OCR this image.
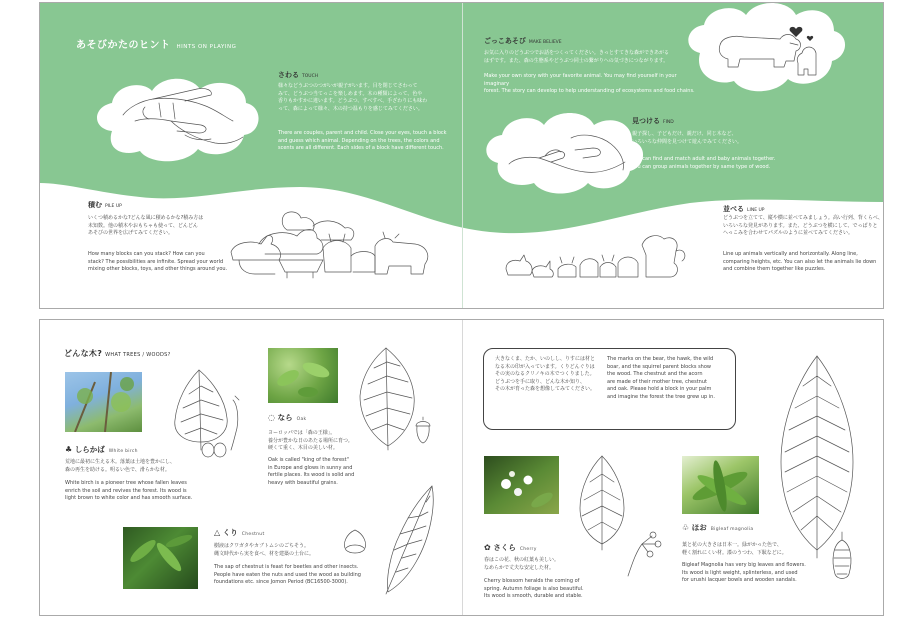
あそびかたのヒント HINTS ON PLAYING
さわる TOUCH
様々などうぶつのつがいが親子がいます。目を閉じてさわって
みて、どうぶつ当てっこを楽しめます。木の種類によって、色や
香りもかすかに違います。どうぶつ、すべすべ、手ざわりにも味わ
って、森によって様々、木の持つ温もりを感じてみてください。
There are couples, parent and child. Close your eyes, touch a block
and guess which animal. Depending on the trees, the colors and
scents are all different. Each sides of a block have different touch.
積む PILE UP
いくつ積めるかな?どんな風に積めるかな?積み方は
未知数。他の積木やおもちゃも使って、どんどん
あそびの世界を広げてみてください。
How many blocks can you stack? How can you
stack? The possibilities are infinite. Spread your world
mixing other blocks, toys, and other things around you.
ごっこあそび MAKE BELIEVE
お気に入りのどうぶつでお話をつくってください。きっとすてきな森ができあがる
はずです。また、森の生態系やどうぶつ同士の繋がりへの気づきにつながります。
Make your own story with your favorite animal. You may find yourself in your imaginary
forest. The story can develop to help understanding of ecosystems and food chains.
見つける FIND
親子探し、子どもだけ、親だけ、同じ木など、
いろいろな仲間を見つけて遊んでみてください。
You can find and match adult and baby animals together.
You can group animals together by same type of wood.
並べる LINE UP
どうぶつを立てて、縦や横に並べてみましょう。高い行列、背くらべ、
いろいろな発見があります。また、どうぶつを横にして、でっぱりと
へっこみを合わせてパズルのように並べてみてください。
Line up animals vertically and horizontally. Along line,
comparing heights, etc. You can also let the animals lie down
and combine them together like puzzles.
どんな木? WHAT TREES / WOODS?
♣ しらかば White birch
荒地に最初に生える木。落葉は土地を豊かにし、
森の再生を助ける。明るい色で、滑らかな材。
White birch is a pioneer tree whose fallen leaves
enrich the soil and revives the forest. Its wood is
light brown to white color and has smooth surface.
◌ なら Oak
ヨーロッパでは「森の王様」。
養分が豊かな日のあたる場所に育つ。
硬くて重く、木目の美しい材。
Oak is called "king of the forest"
in Europe and glows in sunny and
fertile places. Its wood is solid and
heavy with beautiful grains.
△ くり Chestnut
樹液はクワガタやカブトムシのごちそう。
縄文時代から実を食べ、材を建築の土台に。
The sap of chestnut is feast for beetles and other insects.
People have eaten the nuts and used the wood as building
foundations etc. since Jomon Period (BC16500-3000).
大きなくま、たか、いのしし、りすには材と
なる木の印が入っています。くりどんぐりは
その実のなるクリノキの木でつくりました。
どうぶつを手に取り、どんな木か知り、
その木が育った森を想像してみてください。
The marks on the bear, the hawk, the wild
boar, and the squirrel parent blocks show
the wood. The chestnut and the acorn
are made of their mother tree, chestnut
and oak. Please hold a block in your palm
and imagine the forest the tree grew up in.
✿ さくら Cherry
春はこの花、秋の紅葉も美しい。
なめらかで丈夫な安定した材。
Cherry blossom heralds the coming of
spring. Autumn foliage is also beautiful.
Its wood is smooth, durable and stable.
♧ ほお Bigleaf magnolia
葉と花の大きさは日本一。緑がかった色で、
軽く割れにくい材。漆のうつわ、下駄などに。
Bigleaf Magnolia has very big leaves and flowers.
Its wood is light weight, splinterless, and used
for urushi lacquer bowls and wooden sandals.
